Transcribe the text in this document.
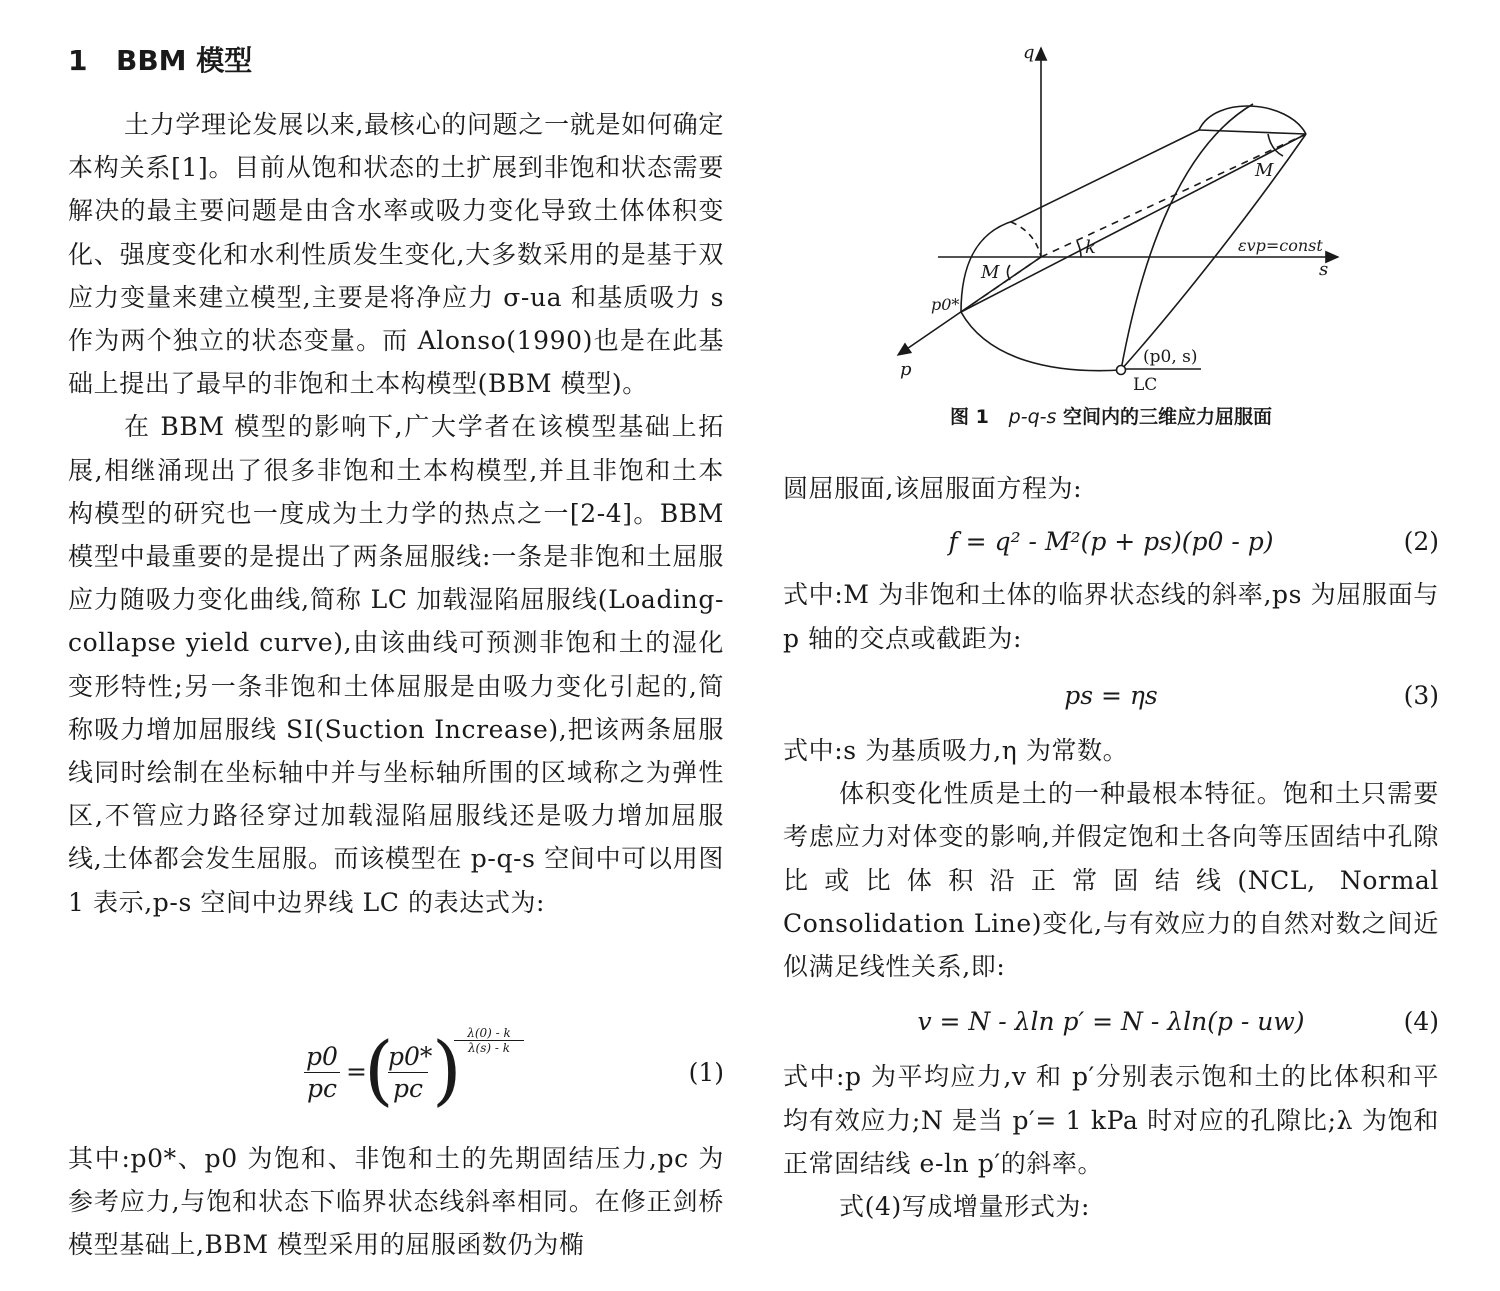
1 BBM 模型

土力学理论发展以来,最核心的问题之一就是如何确定本构关系[1]。目前从饱和状态的土扩展到非饱和状态需要解决的最主要问题是由含水率或吸力变化导致土体体积变化、强度变化和水利性质发生变化,大多数采用的是基于双应力变量来建立模型,主要是将净应力 σ-ua 和基质吸力 s 作为两个独立的状态变量。而 Alonso(1990)也是在此基础上提出了最早的非饱和土本构模型(BBM 模型)。

在 BBM 模型的影响下,广大学者在该模型基础上拓展,相继涌现出了很多非饱和土本构模型,并且非饱和土本构模型的研究也一度成为土力学的热点之一[2-4]。BBM 模型中最重要的是提出了两条屈服线:一条是非饱和土屈服应力随吸力变化曲线,简称 LC 加载湿陷屈服线(Loading-collapse yield curve),由该曲线可预测非饱和土的湿化变形特性;另一条非饱和土体屈服是由吸力变化引起的,简称吸力增加屈服线 SI(Suction Increase),把该两条屈服线同时绘制在坐标轴中并与坐标轴所围的区域称之为弹性区,不管应力路径穿过加载湿陷屈服线还是吸力增加屈服线,土体都会发生屈服。而该模型在 p-q-s 空间中可以用图 1 表示,p-s 空间中边界线 LC 的表达式为:

p0
pc
=
(
p0*
pc ) λ(0) - k
λ(s) - k
(1)

其中:p0*、p0 为饱和、非饱和土的先期固结压力,pc 为参考应力,与饱和状态下临界状态线斜率相同。在修正剑桥模型基础上,BBM 模型采用的屈服函数仍为椭

q
s
p
M
M
k	εvp=const
p0*
(p0, s)
LC
图 1 p-q-s 空间内的三维应力屈服面

圆屈服面,该屈服面方程为:

f = q² - M²(p + ps)(p0 - p)	(2)

式中:M 为非饱和土体的临界状态线的斜率,ps 为屈服面与 p 轴的交点或截距为:

ps = ηs	(3)

式中:s 为基质吸力,η 为常数。

体积变化性质是土的一种最根本特征。饱和土只需要考虑应力对体变的影响,并假定饱和土各向等压固结中孔隙比或比体积沿正常固结线(NCL, Normal Consolidation Line)变化,与有效应力的自然对数之间近似满足线性关系,即:

v = N - λln p′ = N - λln(p - uw)	(4)

式中:p 为平均应力,v 和 p′分别表示饱和土的比体积和平均有效应力;N 是当 p′= 1 kPa 时对应的孔隙比;λ 为饱和正常固结线 e-ln p′的斜率。

式(4)写成增量形式为:
